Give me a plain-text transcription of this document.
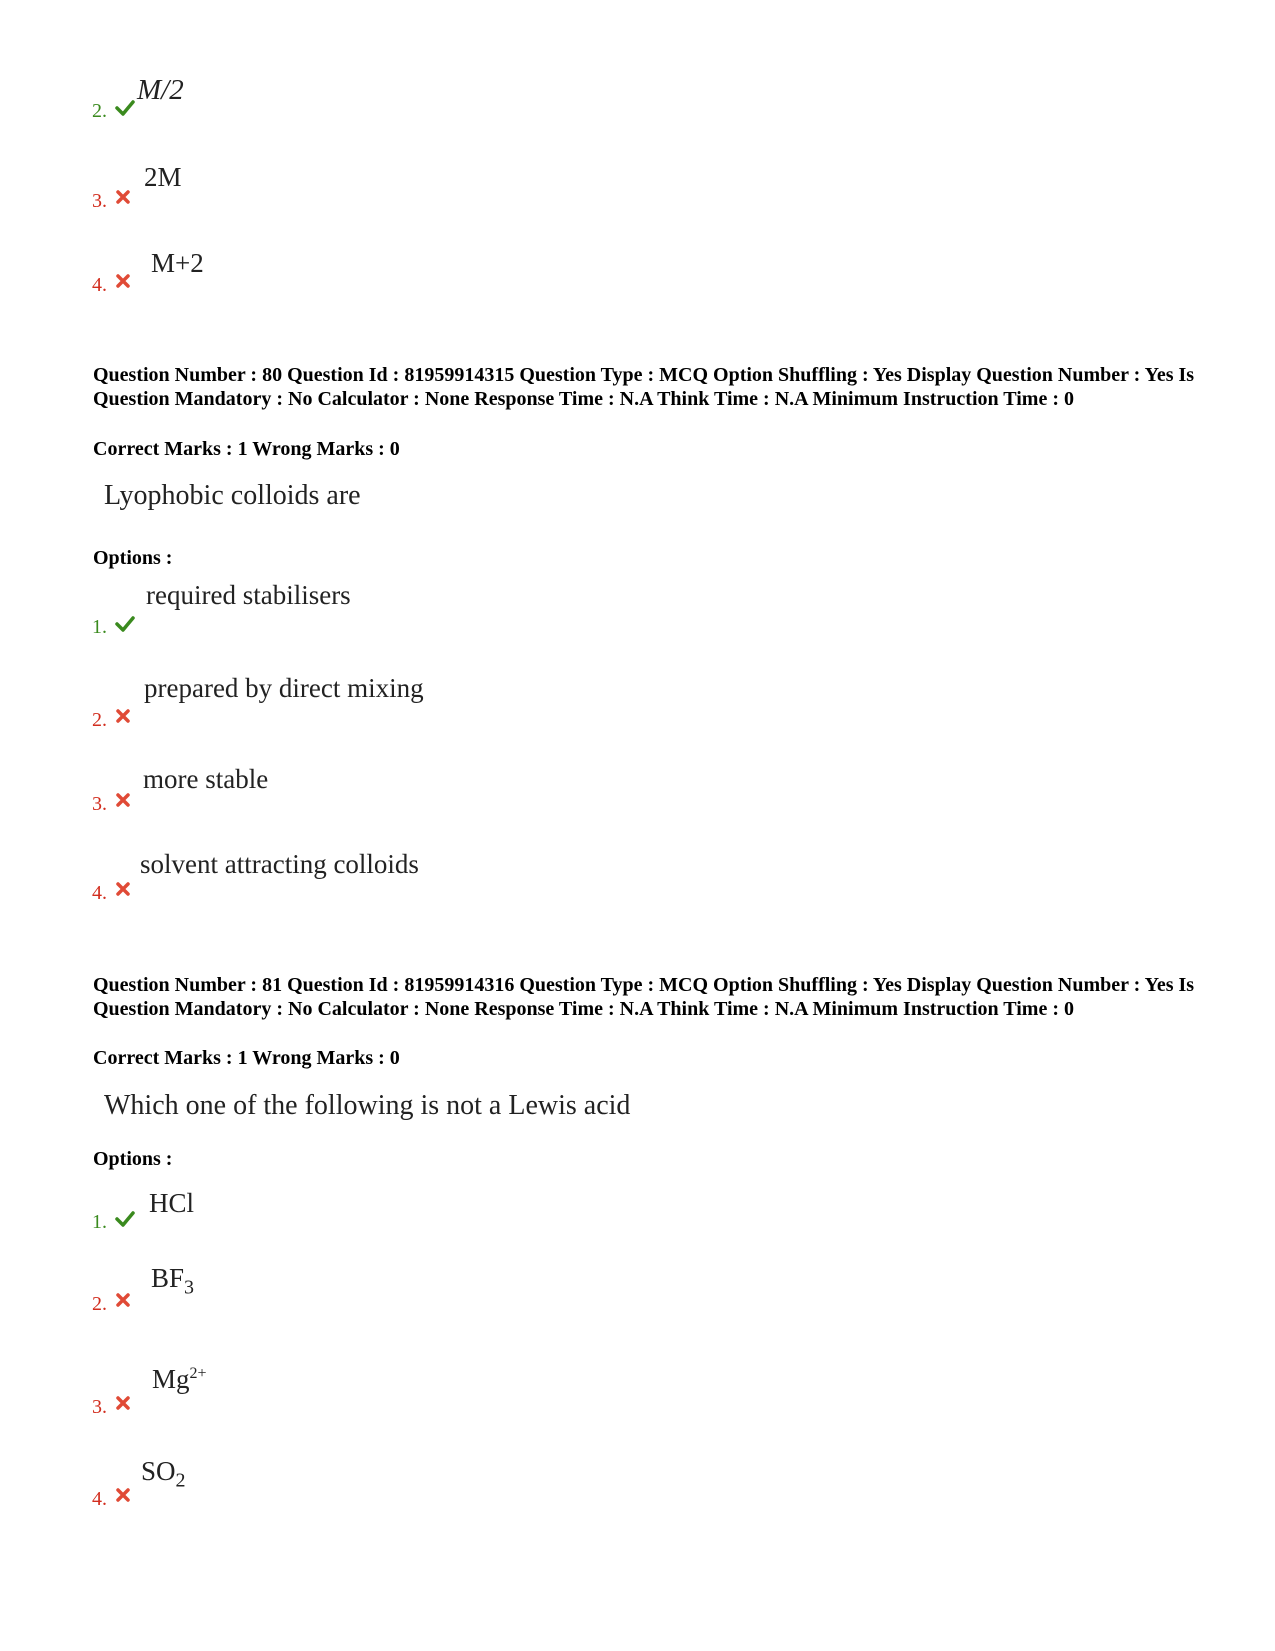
M/2
2.
2M
3.
M+2
4.
Question Number : 80 Question Id : 81959914315 Question Type : MCQ Option Shuffling : Yes Display Question Number : Yes Is Question Mandatory : No Calculator : None Response Time : N.A Think Time : N.A Minimum Instruction Time : 0
Correct Marks : 1 Wrong Marks : 0
Lyophobic colloids are
Options :
required stabilisers
1.
prepared by direct mixing
2.
more stable
3.
solvent attracting colloids
4.
Question Number : 81 Question Id : 81959914316 Question Type : MCQ Option Shuffling : Yes Display Question Number : Yes Is Question Mandatory : No Calculator : None Response Time : N.A Think Time : N.A Minimum Instruction Time : 0
Correct Marks : 1 Wrong Marks : 0
Which one of the following is not a Lewis acid
Options :
HCl
1.
$BF_3$
2.
$Mg^{2+}$
3.
$SO_2$
4.
